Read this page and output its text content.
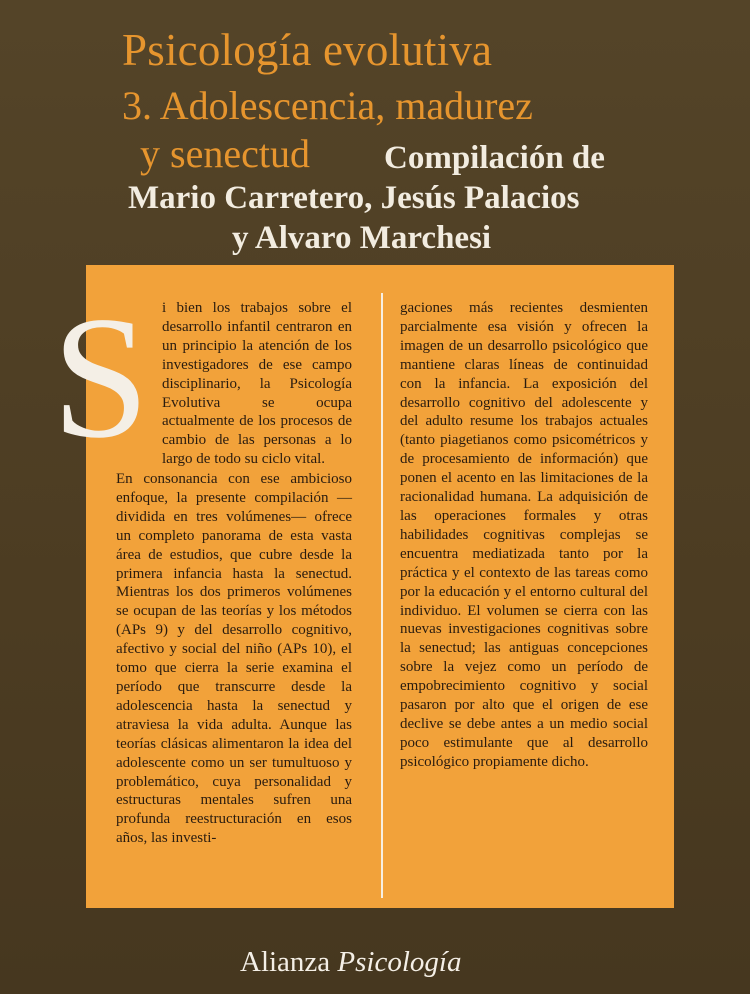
Psicología evolutiva
3. Adolescencia, madurez
y senectud Compilación de
Mario Carretero, Jesús Palacios
y Alvaro Marchesi
S i bien los trabajos sobre el desarrollo infantil centraron en un principio la atención de los investigadores de ese campo disciplinario, la Psicología Evolutiva se ocupa actualmente de los procesos de cambio de las personas a lo largo de todo su ciclo vital.
En consonancia con ese ambicioso enfoque, la presente compilación —dividida en tres volúmenes— ofrece un completo panorama de esta vasta área de estudios, que cubre desde la primera infancia hasta la senectud. Mientras los dos primeros volúmenes se ocupan de las teorías y los métodos (APs 9) y del desarrollo cognitivo, afectivo y social del niño (APs 10), el tomo que cierra la serie examina el período que transcurre desde la adolescencia hasta la senectud y atraviesa la vida adulta. Aunque las teorías clásicas alimentaron la idea del adolescente como un ser tumultuoso y problemático, cuya personalidad y estructuras mentales sufren una profunda reestructuración en esos años, las investi-
gaciones más recientes desmienten parcialmente esa visión y ofrecen la imagen de un desarrollo psicológico que mantiene claras líneas de continuidad con la infancia. La exposición del desarrollo cognitivo del adolescente y del adulto resume los trabajos actuales (tanto piagetianos como psicométricos y de procesamiento de información) que ponen el acento en las limitaciones de la racionalidad humana. La adquisición de las operaciones formales y otras habilidades cognitivas complejas se encuentra mediatizada tanto por la práctica y el contexto de las tareas como por la educación y el entorno cultural del individuo. El volumen se cierra con las nuevas investigaciones cognitivas sobre la senectud; las antiguas concepciones sobre la vejez como un período de empobrecimiento cognitivo y social pasaron por alto que el origen de ese declive se debe antes a un medio social poco estimulante que al desarrollo psicológico propiamente dicho.
Alianza Psicología
